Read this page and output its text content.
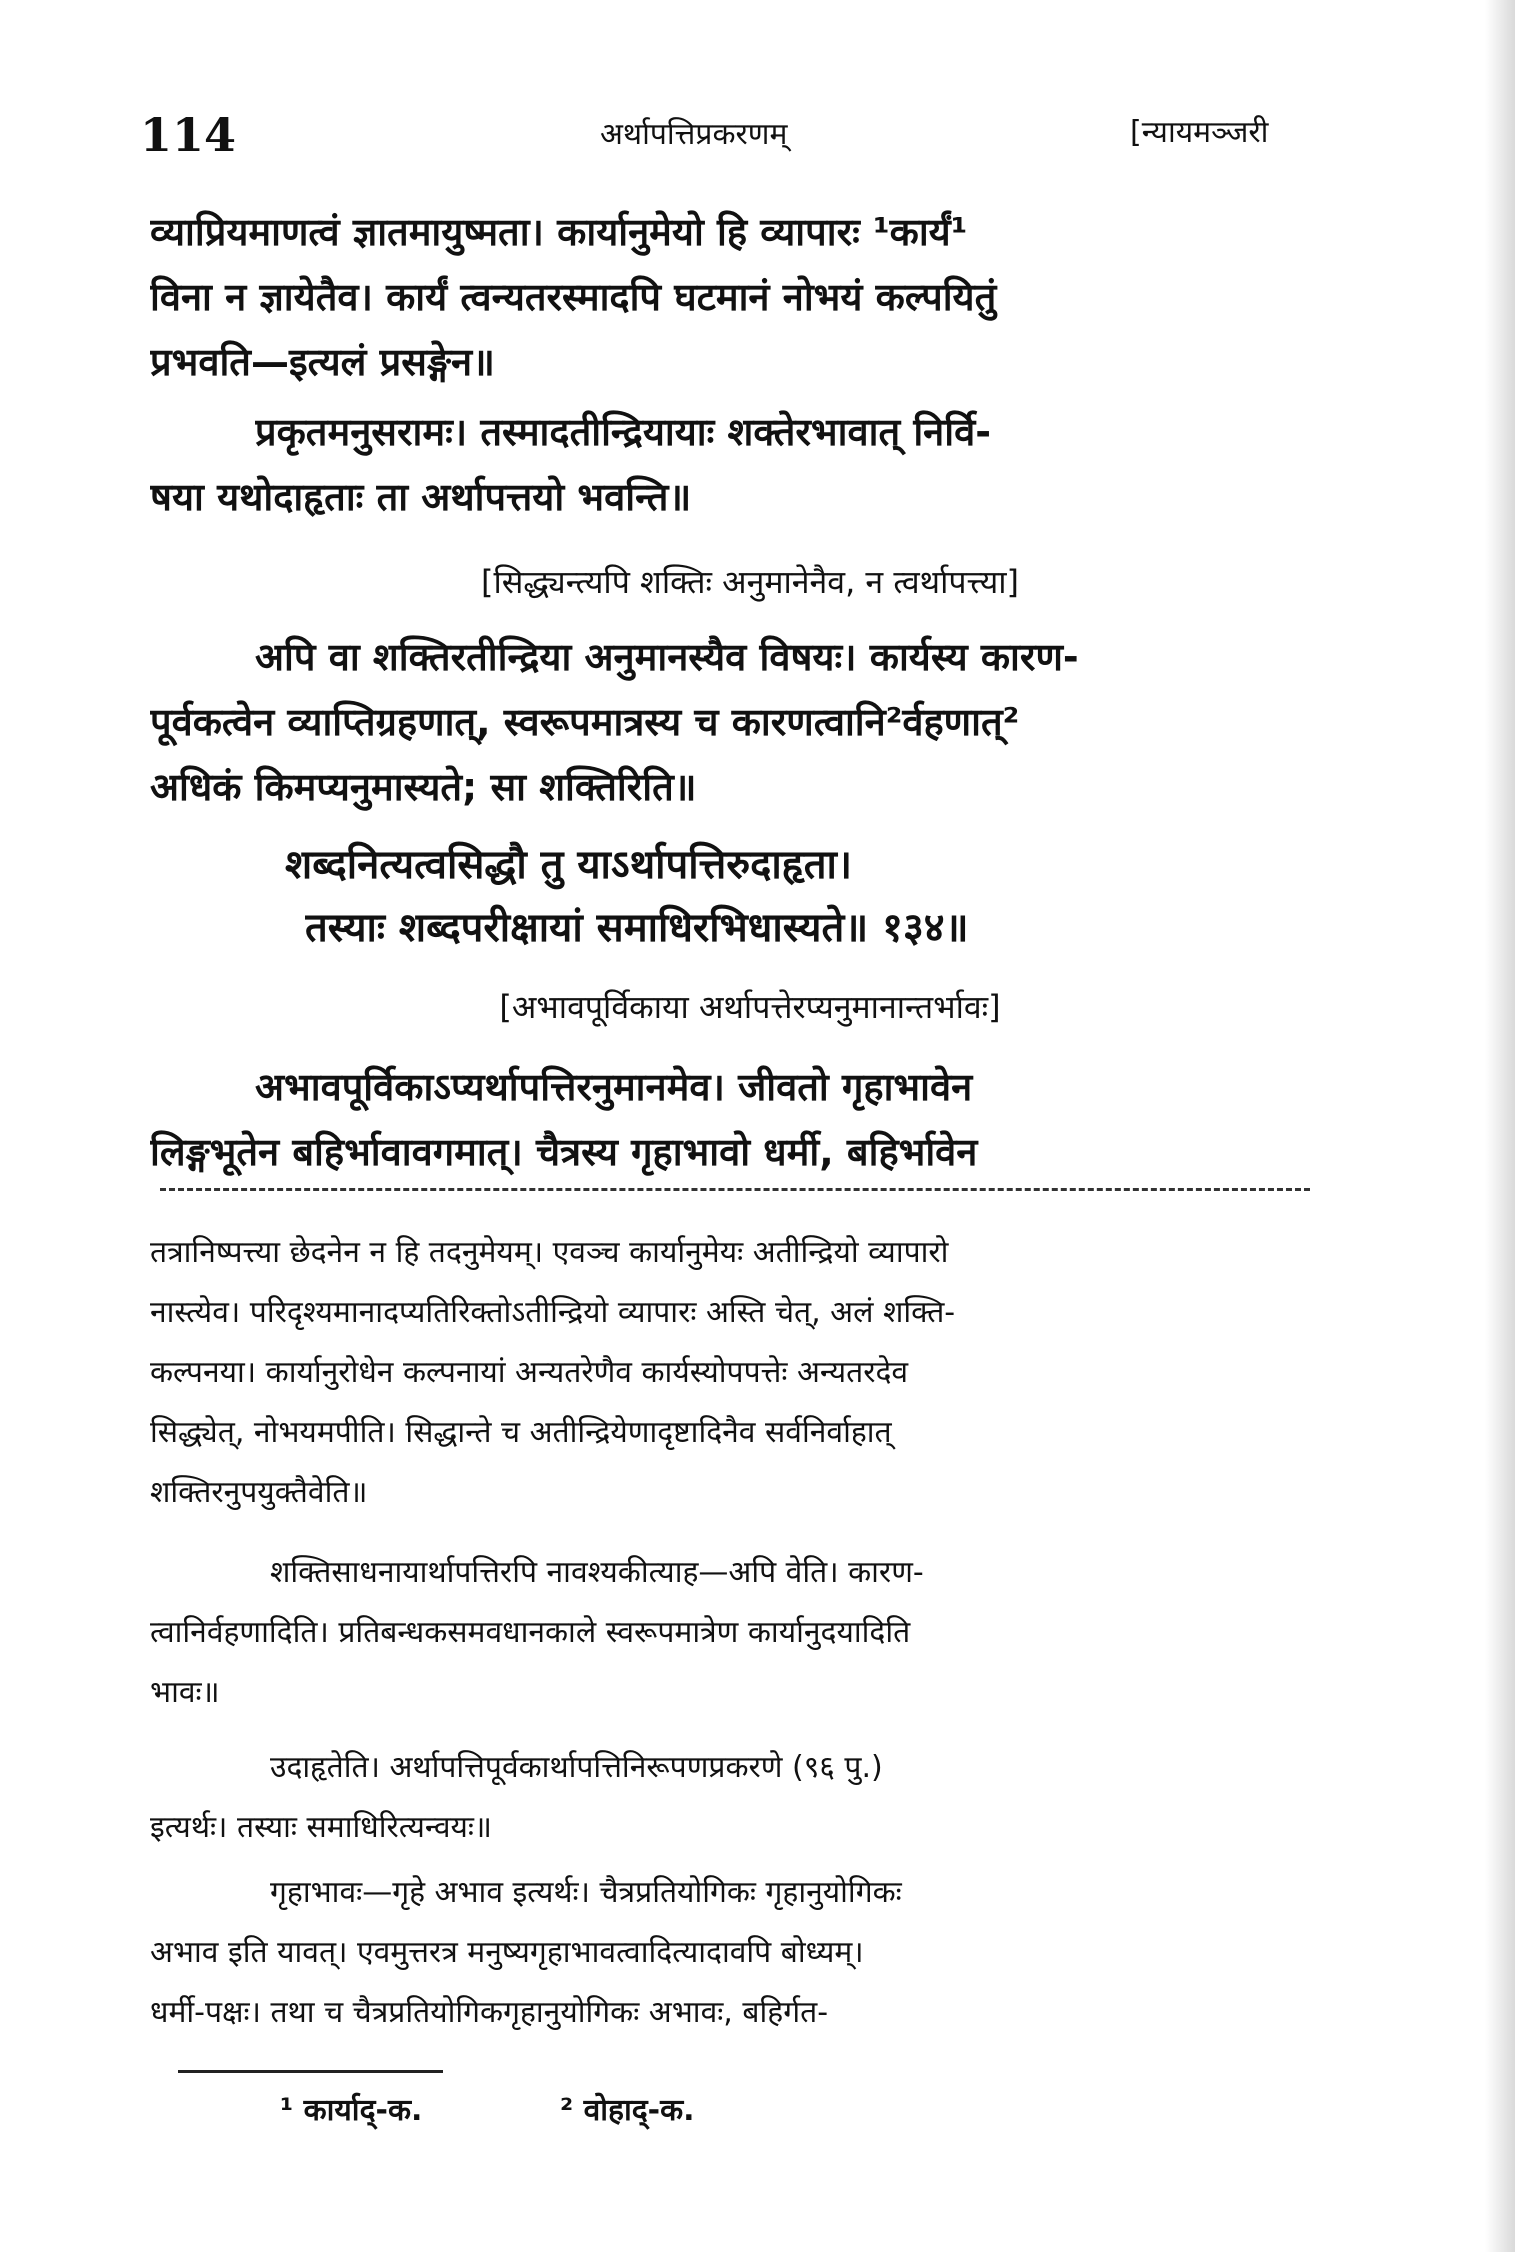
114	अर्थापत्तिप्रकरणम्	[न्यायमञ्जरी
व्याप्रियमाणत्वं ज्ञातमायुष्मता। कार्यानुमेयो हि व्यापारः ¹कार्यं¹
विना न ज्ञायेतैव। कार्यं त्वन्यतरस्मादपि घटमानं नोभयं कल्पयितुं
प्रभवति—इत्यलं प्रसङ्गेन॥
प्रकृतमनुसरामः। तस्मादतीन्द्रियायाः शक्तेरभावात् निर्वि-
षया यथोदाहृताः ता अर्थापत्तयो भवन्ति॥
[सिद्ध्यन्त्यपि शक्तिः अनुमानेनैव, न त्वर्थापत्त्या]
अपि वा शक्तिरतीन्द्रिया अनुमानस्यैव विषयः। कार्यस्य कारण-
पूर्वकत्वेन व्याप्तिग्रहणात्, स्वरूपमात्रस्य च कारणत्वानि²र्वहणात्²
अधिकं किमप्यनुमास्यते; सा शक्तिरिति॥
शब्दनित्यत्वसिद्धौ तु याऽर्थापत्तिरुदाहृता।
तस्याः शब्दपरीक्षायां समाधिरभिधास्यते॥ १३४॥
[अभावपूर्विकाया अर्थापत्तेरप्यनुमानान्तर्भावः]
अभावपूर्विकाऽप्यर्थापत्तिरनुमानमेव। जीवतो गृहाभावेन
लिङ्गभूतेन बहिर्भावावगमात्। चैत्रस्य गृहाभावो धर्मी, बहिर्भावेन
तत्रानिष्पत्त्या छेदनेन न हि तदनुमेयम्। एवञ्च कार्यानुमेयः अतीन्द्रियो व्यापारो
नास्त्येव। परिदृश्यमानादप्यतिरिक्तोऽतीन्द्रियो व्यापारः अस्ति चेत्, अलं शक्ति-
कल्पनया। कार्यानुरोधेन कल्पनायां अन्यतरेणैव कार्यस्योपपत्तेः अन्यतरदेव
सिद्ध्येत्, नोभयमपीति। सिद्धान्ते च अतीन्द्रियेणादृष्टादिनैव सर्वनिर्वाहात्
शक्तिरनुपयुक्तैवेति॥
शक्तिसाधनायार्थापत्तिरपि नावश्यकीत्याह—अपि वेति। कारण-
त्वानिर्वहणादिति। प्रतिबन्धकसमवधानकाले स्वरूपमात्रेण कार्यानुदयादिति
भावः॥
उदाहृतेति। अर्थापत्तिपूर्वकार्थापत्तिनिरूपणप्रकरणे (९६ पु.)
इत्यर्थः। तस्याः समाधिरित्यन्वयः॥
गृहाभावः—गृहे अभाव इत्यर्थः। चैत्रप्रतियोगिकः गृहानुयोगिकः
अभाव इति यावत्। एवमुत्तरत्र मनुष्यगृहाभावत्वादित्यादावपि बोध्यम्।
धर्मी-पक्षः। तथा च चैत्रप्रतियोगिकगृहानुयोगिकः अभावः, बहिर्गत-
¹ कार्याद्-क.	² वोहाद्-क.
